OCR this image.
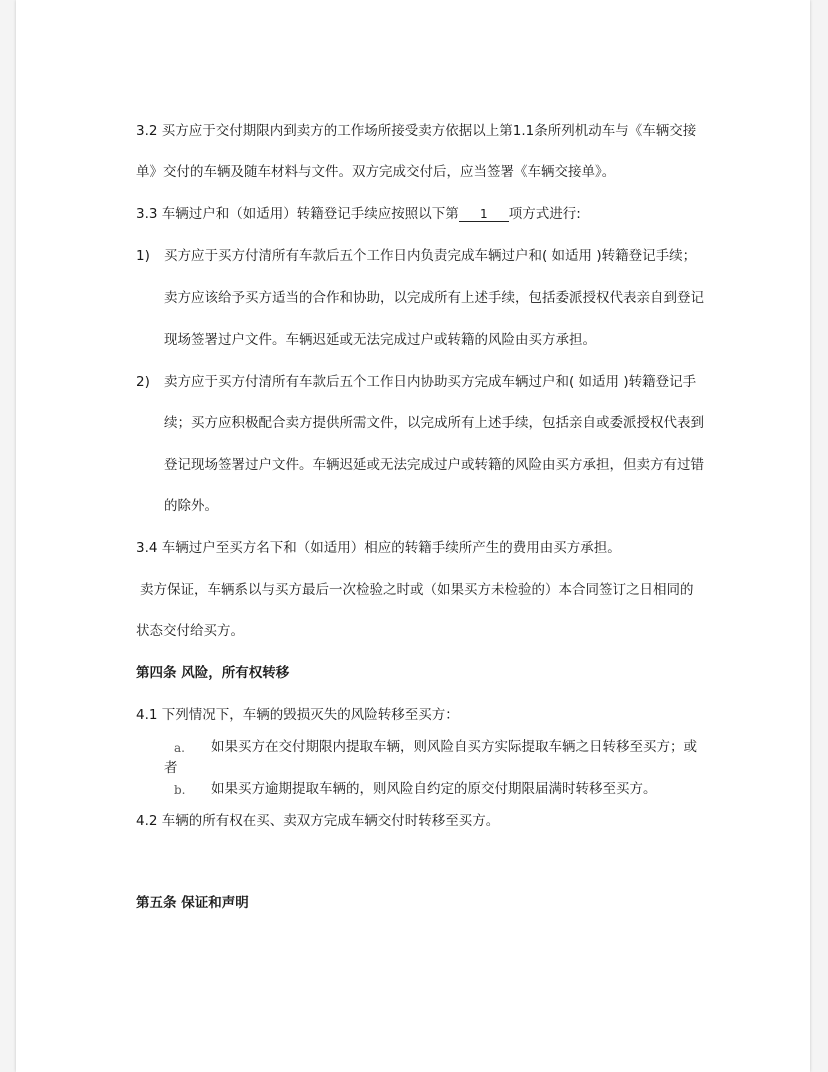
3.2 买方应于交付期限内到卖方的工作场所接受卖方依据以上第1.1条所列机动车与《车辆交接
单》交付的车辆及随车材料与文件。双方完成交付后，应当签署《车辆交接单》。
3.3 车辆过户和（如适用）转籍登记手续应按照以下第 1 项方式进行:
1) 买方应于买方付清所有车款后五个工作日内负责完成车辆过户和( 如适用 )转籍登记手续；
卖方应该给予买方适当的合作和协助，以完成所有上述手续，包括委派授权代表亲自到登记
现场签署过户文件。车辆迟延或无法完成过户或转籍的风险由买方承担。
2) 卖方应于买方付清所有车款后五个工作日内协助买方完成车辆过户和( 如适用 )转籍登记手
续；买方应积极配合卖方提供所需文件，以完成所有上述手续，包括亲自或委派授权代表到
登记现场签署过户文件。车辆迟延或无法完成过户或转籍的风险由买方承担，但卖方有过错
的除外。
3.4 车辆过户至买方名下和（如适用）相应的转籍手续所产生的费用由买方承担。
卖方保证，车辆系以与买方最后一次检验之时或（如果买方未检验的）本合同签订之日相同的
状态交付给买方。
第四条 风险，所有权转移
4.1 下列情况下，车辆的毁损灭失的风险转移至买方：
a. 如果买方在交付期限内提取车辆，则风险自买方实际提取车辆之日转移至买方；或
者
b. 如果买方逾期提取车辆的，则风险自约定的原交付期限届满时转移至买方。
4.2 车辆的所有权在买、卖双方完成车辆交付时转移至买方。
第五条 保证和声明
